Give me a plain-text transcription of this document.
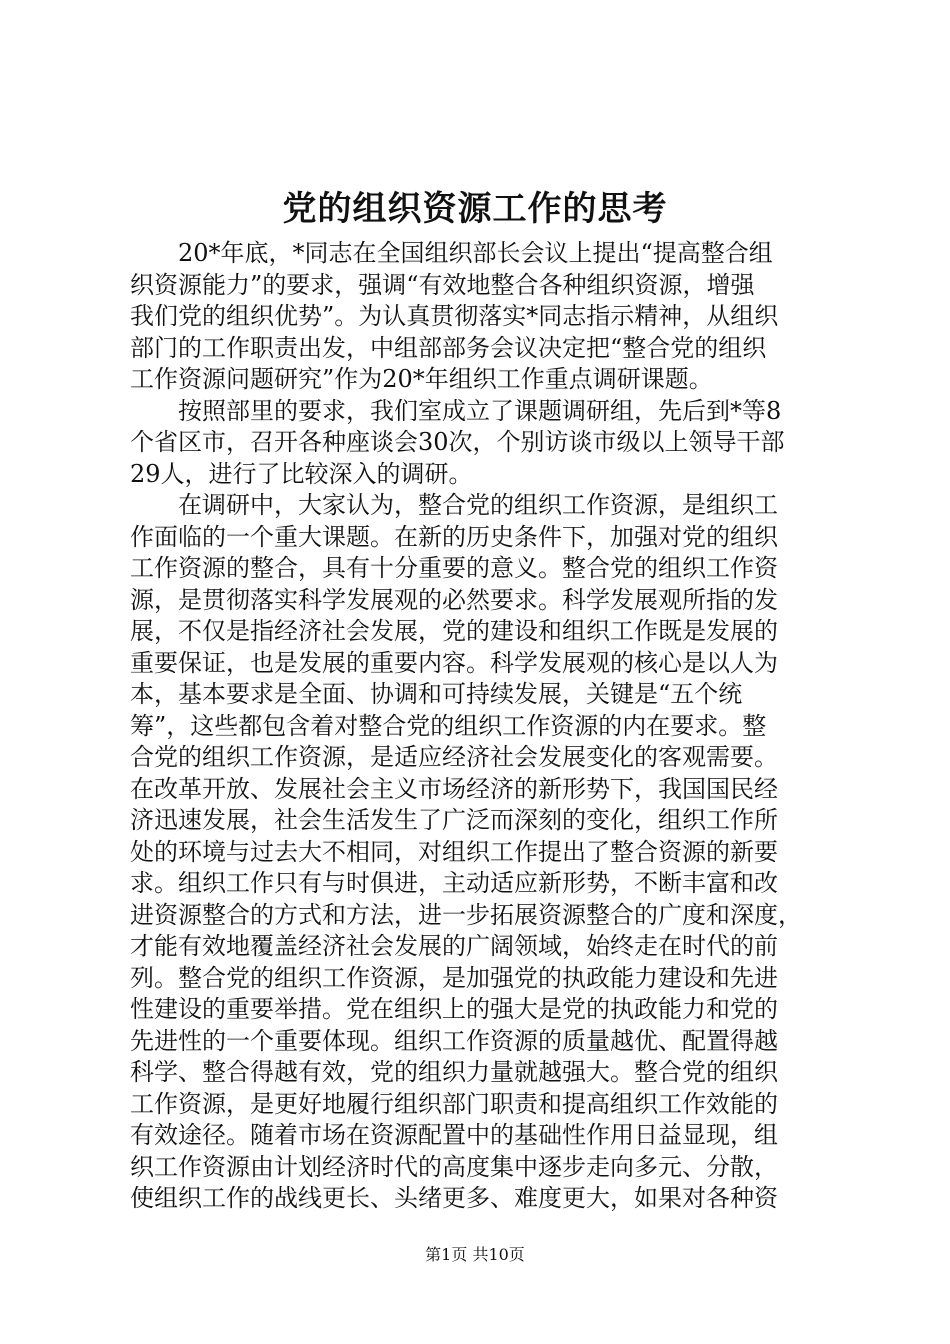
党的组织资源工作的思考
20*年底，*同志在全国组织部长会议上提出“提高整合组
织资源能力”的要求，强调“有效地整合各种组织资源，增强
我们党的组织优势”。为认真贯彻落实*同志指示精神，从组织
部门的工作职责出发，中组部部务会议决定把“整合党的组织
工作资源问题研究”作为20*年组织工作重点调研课题。
按照部里的要求，我们室成立了课题调研组，先后到*等8
个省区市，召开各种座谈会30次，个别访谈市级以上领导干部
29人，进行了比较深入的调研。
在调研中，大家认为，整合党的组织工作资源，是组织工
作面临的一个重大课题。在新的历史条件下，加强对党的组织
工作资源的整合，具有十分重要的意义。整合党的组织工作资
源，是贯彻落实科学发展观的必然要求。科学发展观所指的发
展，不仅是指经济社会发展，党的建设和组织工作既是发展的
重要保证，也是发展的重要内容。科学发展观的核心是以人为
本，基本要求是全面、协调和可持续发展，关键是“五个统
筹”，这些都包含着对整合党的组织工作资源的内在要求。整
合党的组织工作资源，是适应经济社会发展变化的客观需要。
在改革开放、发展社会主义市场经济的新形势下，我国国民经
济迅速发展，社会生活发生了广泛而深刻的变化，组织工作所
处的环境与过去大不相同，对组织工作提出了整合资源的新要
求。组织工作只有与时俱进，主动适应新形势，不断丰富和改
进资源整合的方式和方法，进一步拓展资源整合的广度和深度，
才能有效地覆盖经济社会发展的广阔领域，始终走在时代的前
列。整合党的组织工作资源，是加强党的执政能力建设和先进
性建设的重要举措。党在组织上的强大是党的执政能力和党的
先进性的一个重要体现。组织工作资源的质量越优、配置得越
科学、整合得越有效，党的组织力量就越强大。整合党的组织
工作资源，是更好地履行组织部门职责和提高组织工作效能的
有效途径。随着市场在资源配置中的基础性作用日益显现，组
织工作资源由计划经济时代的高度集中逐步走向多元、分散，
使组织工作的战线更长、头绪更多、难度更大，如果对各种资
第1页 共10页
